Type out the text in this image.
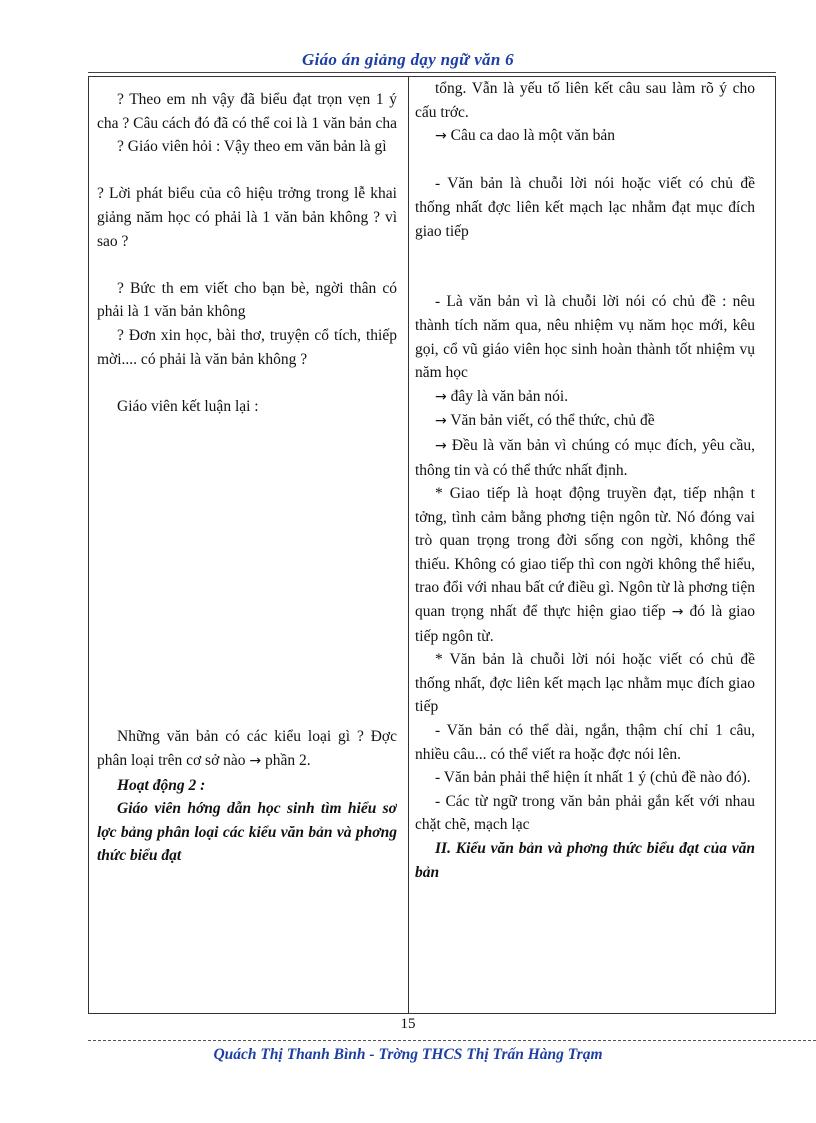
Giáo án giảng dạy ngữ văn 6

? Theo em nh vậy đã biểu đạt trọn vẹn 1 ý cha ? Câu cách đó đã có thể coi là 1 văn bản cha

? Giáo viên hỏi : Vậy theo em văn bản là gì

? Lời phát biểu của cô hiệu trởng trong lễ khai giảng năm học có phải là 1 văn bản không ? vì sao ?

? Bức th em viết cho bạn bè, ngời thân có phải là 1 văn bản không

? Đơn xin học, bài thơ, truyện cổ tích, thiếp mời.... có phải là văn bản không ?

Giáo viên kết luận lại :

Những văn bản có các kiểu loại gì ? Đợc phân loại trên cơ sở nào → phần 2.

Hoạt động 2 :

Giáo viên hớng dẫn học sinh tìm hiểu sơ lợc bảng phân loại các kiểu văn bản và phơng thức biểu đạt

tổng. Vẫn là yếu tố liên kết câu sau làm rõ ý cho cấu trớc.

→ Câu ca dao là một văn bản

- Văn bản là chuỗi lời nói hoặc viết có chủ đề thống nhất đợc liên kết mạch lạc nhằm đạt mục đích giao tiếp

- Là văn bản vì là chuỗi lời nói có chủ đề : nêu thành tích năm qua, nêu nhiệm vụ năm học mới, kêu gọi, cổ vũ giáo viên học sinh hoàn thành tốt nhiệm vụ năm học

→ đây là văn bản nói.

→ Văn bản viết, có thể thức, chủ đề

→ Đều là văn bản vì chúng có mục đích, yêu cầu, thông tin và có thể thức nhất định.

* Giao tiếp là hoạt động truyền đạt, tiếp nhận t tởng, tình cảm bằng phơng tiện ngôn từ. Nó đóng vai trò quan trọng trong đời sống con ngời, không thể thiếu. Không có giao tiếp thì con ngời không thể hiểu, trao đổi với nhau bất cứ điều gì. Ngôn từ là phơng tiện quan trọng nhất để thực hiện giao tiếp → đó là giao tiếp ngôn từ.

* Văn bản là chuỗi lời nói hoặc viết có chủ đề thống nhất, đợc liên kết mạch lạc nhằm mục đích giao tiếp

- Văn bản có thể dài, ngắn, thậm chí chỉ 1 câu, nhiều câu... có thể viết ra hoặc đợc nói lên.

- Văn bản phải thể hiện ít nhất 1 ý (chủ đề nào đó).

- Các từ ngữ trong văn bản phải gắn kết với nhau chặt chẽ, mạch lạc

II. Kiểu văn bản và phơng thức biểu đạt của văn bản

15
Quách Thị Thanh Bình - Trờng THCS Thị Trấn Hàng Trạm
